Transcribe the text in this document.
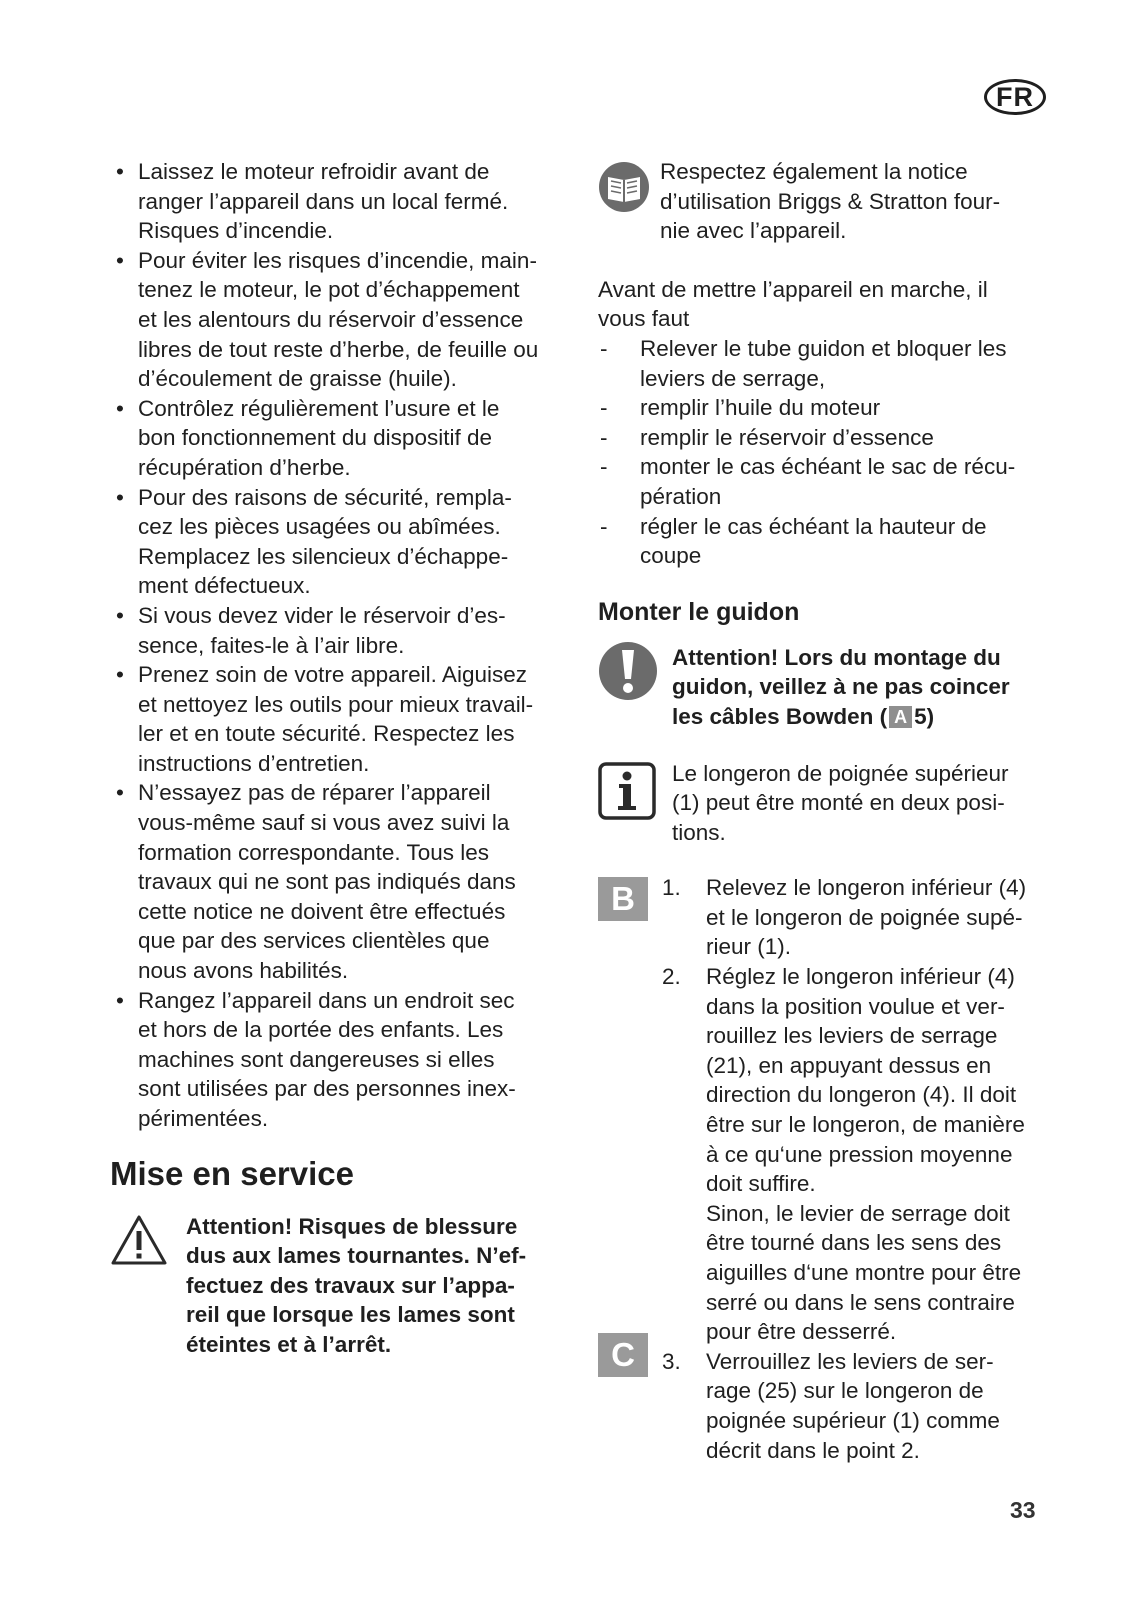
FR
• Laissez le moteur refroidir avant de
ranger l’appareil dans un local fermé.
Risques d’incendie.
• Pour éviter les risques d’incendie, main-
tenez le moteur, le pot d’échappement
et les alentours du réservoir d’essence
libres de tout reste d’herbe, de feuille ou
d’écoulement de graisse (huile).
• Contrôlez régulièrement l’usure et le
bon fonctionnement du dispositif de
récupération d’herbe.
• Pour des raisons de sécurité, rempla-
cez les pièces usagées ou abîmées.
Remplacez les silencieux d’échappe-
ment défectueux.
• Si vous devez vider le réservoir d’es-
sence, faites-le à l’air libre.
• Prenez soin de votre appareil. Aiguisez
et nettoyez les outils pour mieux travail-
ler et en toute sécurité. Respectez les
instructions d’entretien.
• N’essayez pas de réparer l’appareil
vous-même sauf si vous avez suivi la
formation correspondante. Tous les
travaux qui ne sont pas indiqués dans
cette notice ne doivent être effectués
que par des services clientèles que
nous avons habilités.
• Rangez l’appareil dans un endroit sec
et hors de la portée des enfants. Les
machines sont dangereuses si elles
sont utilisées par des personnes inex-
périmentées.
Mise en service
Attention! Risques de blessure
dus aux lames tournantes. N’ef-
fectuez des travaux sur l’appa-
reil que lorsque les lames sont
éteintes et à l’arrêt.
Respectez également la notice
d’utilisation Briggs & Stratton four-
nie avec l’appareil.
Avant de mettre l’appareil en marche, il
vous faut
- Relever le tube guidon et bloquer les
leviers de serrage,
- remplir l’huile du moteur
- remplir le réservoir d’essence
- monter le cas échéant le sac de récu-
pération
- régler le cas échéant la hauteur de
coupe
Monter le guidon
Attention! Lors du montage du
guidon, veillez à ne pas coincer
les câbles Bowden ( A 5)
Le longeron de poignée supérieur
(1) peut être monté en deux posi-
tions.
B
C
1. Relevez le longeron inférieur (4)
et le longeron de poignée supé-
rieur (1).
2. Réglez le longeron inférieur (4)
dans la position voulue et ver-
rouillez les leviers de serrage
(21), en appuyant dessus en
direction du longeron (4). Il doit
être sur le longeron, de manière
à ce qu‘une pression moyenne
doit suffire.
Sinon, le levier de serrage doit
être tourné dans les sens des
aiguilles d‘une montre pour être
serré ou dans le sens contraire
pour être desserré.
3. Verrouillez les leviers de ser-
rage (25) sur le longeron de
poignée supérieur (1) comme
décrit dans le point 2.
33
